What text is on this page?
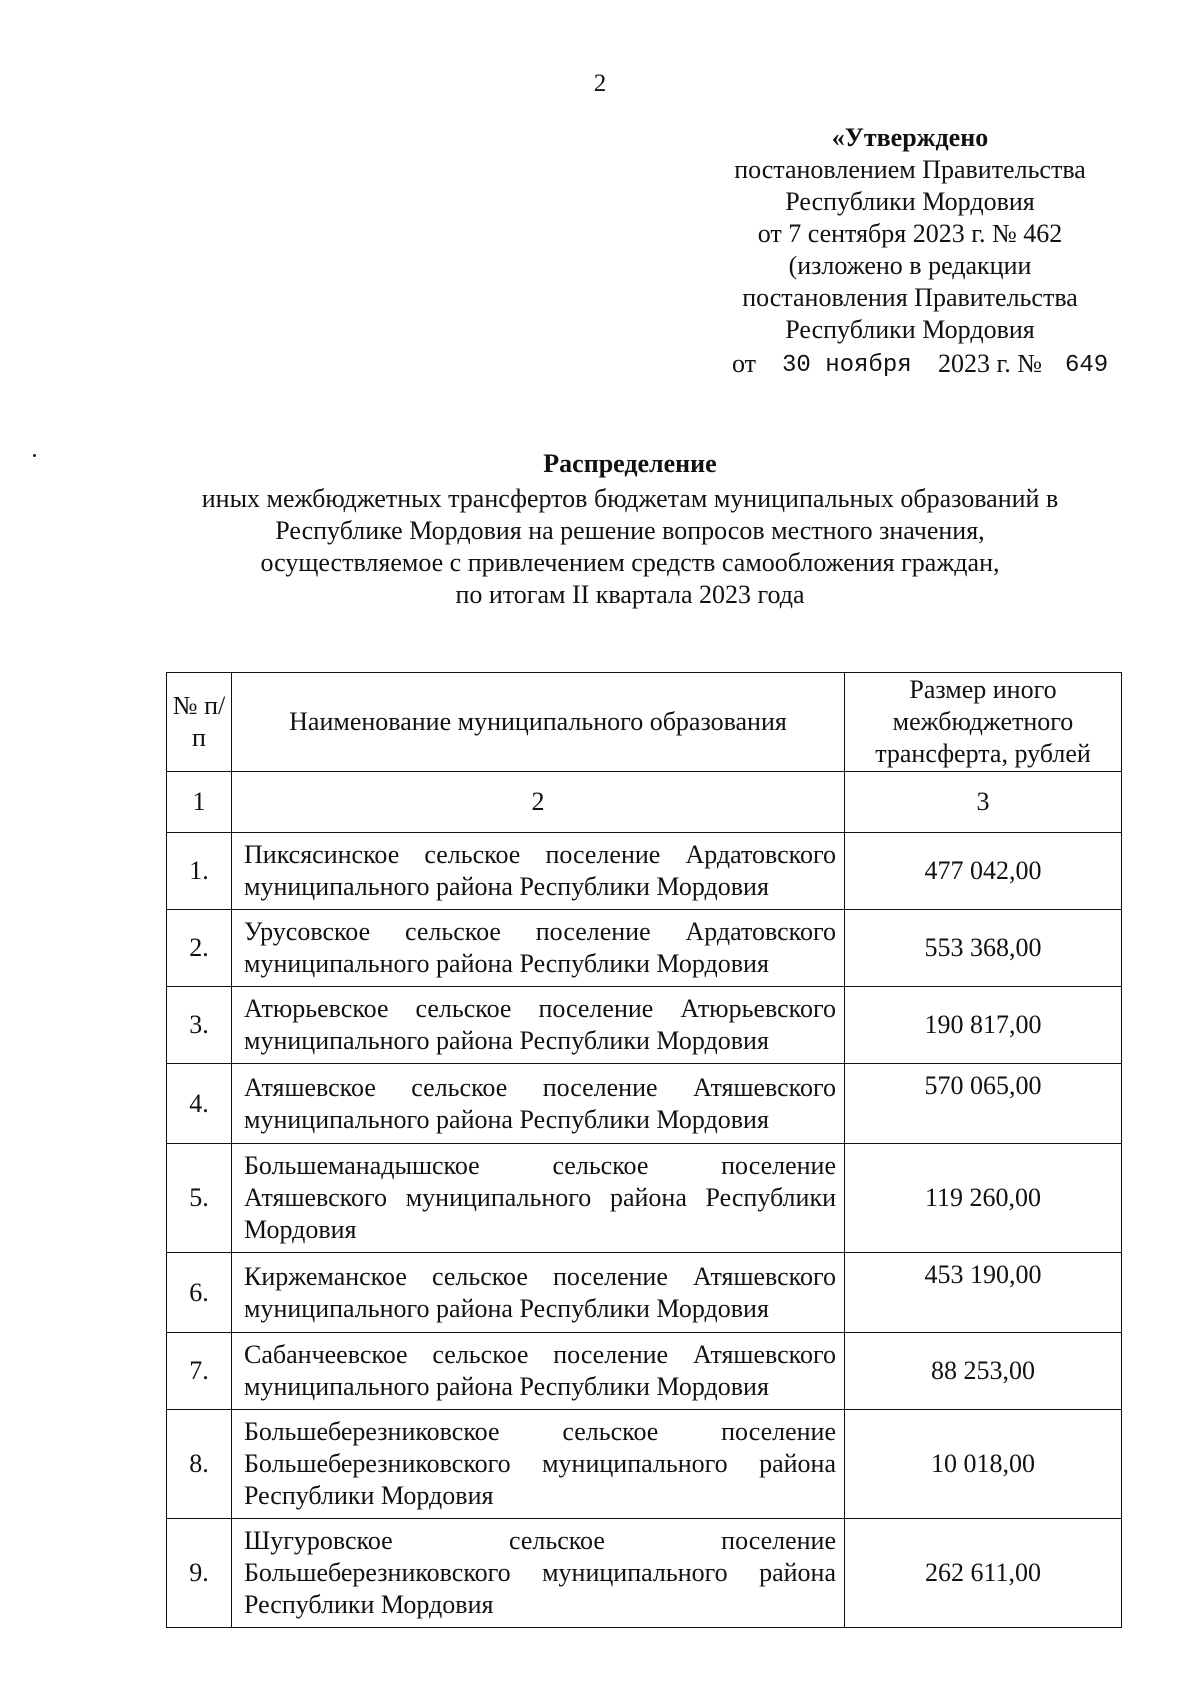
2
«Утверждено
постановлением Правительства
Республики Мордовия
от 7 сентября 2023 г. № 462
(изложено в редакции
постановления Правительства
Республики Мордовия
от 30 ноября 2023 г. № 649
Распределение
иных межбюджетных трансфертов бюджетам муниципальных образований в
Республике Мордовия на решение вопросов местного значения,
осуществляемое с привлечением средств самообложения граждан,
по итогам II квартала 2023 года
№ п/п	Наименование муниципального образования	Размер иного межбюджетного трансферта, рублей
1	2	3
1.	Пиксясинское сельское поселение Ардатовского муниципального района Республики Мордовия	477 042,00
2.	Урусовское сельское поселение Ардатовского муниципального района Республики Мордовия	553 368,00
3.	Атюрьевское сельское поселение Атюрьевского муниципального района Республики Мордовия	190 817,00
4.	Атяшевское сельское поселение Атяшевского муниципального района Республики Мордовия	570 065,00
5.	Большеманадышское сельское поселение Атяшевского муниципального района Республики Мордовия	119 260,00
6.	Киржеманское сельское поселение Атяшевского муниципального района Республики Мордовия	453 190,00
7.	Сабанчеевское сельское поселение Атяшевского муниципального района Республики Мордовия	88 253,00
8.	Большеберезниковское сельское поселение Большеберезниковского муниципального района Республики Мордовия	10 018,00
9.	Шугуровское сельское поселение Большеберезниковского муниципального района Республики Мордовия	262 611,00
